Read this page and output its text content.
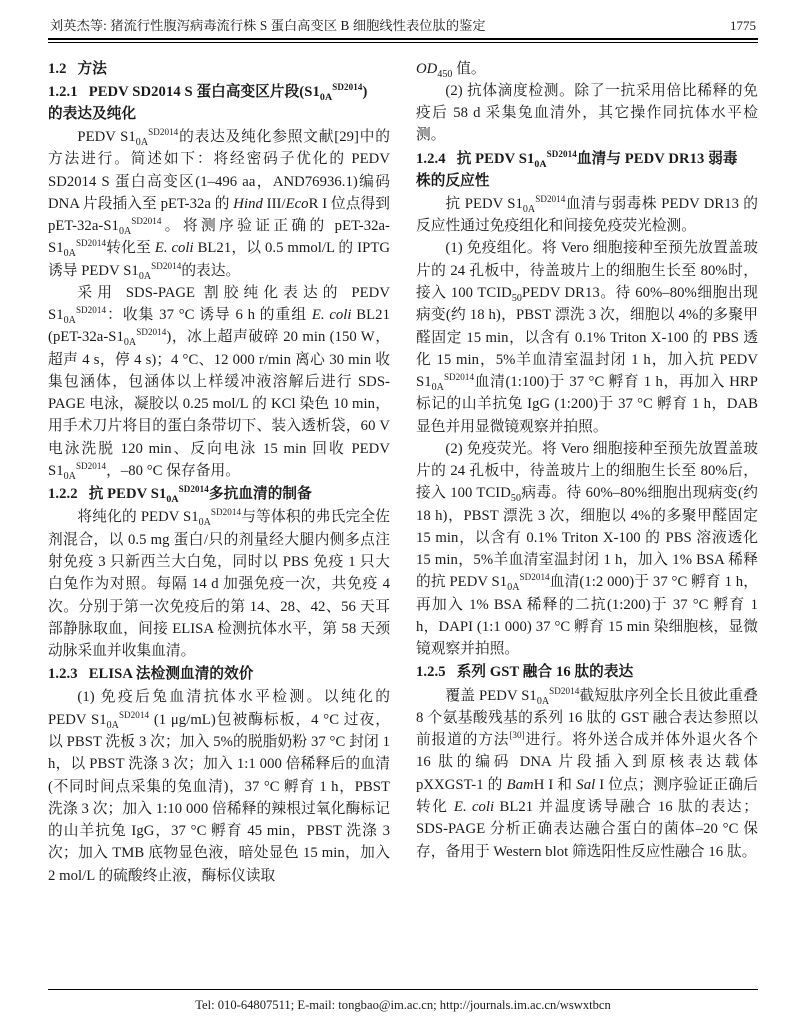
刘英杰等: 猪流行性腹泻病毒流行株 S 蛋白高变区 B 细胞线性表位肽的鉴定	1775
1.2 方法
1.2.1 PEDV SD2014 S 蛋白高变区片段$(S1_{0A}^{SD2014})$
的表达及纯化

PEDV $S1_{0A}^{SD2014}$的表达及纯化参照文献[29]中的方法进行。简述如下：将经密码子优化的 PEDV SD2014 S 蛋白高变区(1–496 aa，AND76936.1)编码 DNA 片段插入至 pET-32a 的 Hind III/EcoR I 位点得到 pET-$32a-S1_{0A}^{SD2014}$。将测序验证正确的 pET-$32a-S1_{0A}^{SD2014}$转化至 E. coli BL21，以 0.5 mmol/L 的 IPTG 诱导 PEDV $S1_{0A}^{SD2014}$的表达。

采用 SDS-PAGE 割胶纯化表达的 PEDV $S1_{0A}^{SD2014}$：收集 37 °C 诱导 6 h 的重组 E. coli BL21 $(pET-32a-S1_{0A}^{SD2014})$，冰上超声破碎 20 min (150 W，超声 4 s，停 4 s)；4 °C、12 000 r/min 离心 30 min 收集包涵体，包涵体以上样缓冲液溶解后进行 SDS-PAGE 电泳，凝胶以 0.25 mol/L 的 KCl 染色 10 min，用手术刀片将目的蛋白条带切下、装入透析袋，60 V 电泳洗脱 120 min、反向电泳 15 min 回收 PEDV $S1_{0A}^{SD2014}$，–80 °C 保存备用。

1.2.2 抗 PEDV $S1_{0A}^{SD2014}$多抗血清的制备

将纯化的 PEDV $S1_{0A}^{SD2014}$与等体积的弗氏完全佐剂混合，以 0.5 mg 蛋白/只的剂量经大腿内侧多点注射免疫 3 只新西兰大白兔，同时以 PBS 免疫 1 只大白兔作为对照。每隔 14 d 加强免疫一次，共免疫 4 次。分别于第一次免疫后的第 14、28、42、56 天耳部静脉取血，间接 ELISA 检测抗体水平，第 58 天颈动脉采血并收集血清。

1.2.3 ELISA 法检测血清的效价

(1) 免疫后兔血清抗体水平检测。以纯化的 PEDV $S1_{0A}^{SD2014}$ (1 μg/mL)包被酶标板，4 °C 过夜，以 PBST 洗板 3 次；加入 5%的脱脂奶粉 37 °C 封闭 1 h，以 PBST 洗涤 3 次；加入 1:1 000 倍稀释后的血清(不同时间点采集的兔血清)，37 °C 孵育 1 h，PBST 洗涤 3 次；加入 1:10 000 倍稀释的辣根过氧化酶标记的山羊抗兔 IgG，37 °C 孵育 45 min，PBST 洗涤 3 次；加入 TMB 底物显色液，暗处显色 15 min，加入 2 mol/L 的硫酸终止液，酶标仪读取

$OD_{450}$ 值。

(2) 抗体滴度检测。除了一抗采用倍比稀释的免疫后 58 d 采集兔血清外，其它操作同抗体水平检测。

1.2.4 抗 PEDV $S1_{0A}^{SD2014}$血清与 PEDV DR13 弱毒
株的反应性

抗 PEDV $S1_{0A}^{SD2014}$血清与弱毒株 PEDV DR13 的反应性通过免疫组化和间接免疫荧光检测。

(1) 免疫组化。将 Vero 细胞接种至预先放置盖玻片的 24 孔板中，待盖玻片上的细胞生长至 80%时，接入 100 $TCID_{50}PEDV$ DR13。待 60%–80%细胞出现病变(约 18 h)，PBST 漂洗 3 次，细胞以 4%的多聚甲醛固定 15 min，以含有 0.1% Triton X-100 的 PBS 透化 15 min，5%羊血清室温封闭 1 h，加入抗 PEDV $S1_{0A}^{SD2014}$血清(1:100)于 37 °C 孵育 1 h，再加入 HRP 标记的山羊抗兔 IgG (1:200)于 37 °C 孵育 1 h，DAB 显色并用显微镜观察并拍照。

(2) 免疫荧光。将 Vero 细胞接种至预先放置盖玻片的 24 孔板中，待盖玻片上的细胞生长至 80%后，接入 100 $TCID_{50}$病毒。待 60%–80%细胞出现病变(约 18 h)，PBST 漂洗 3 次，细胞以 4%的多聚甲醛固定 15 min，以含有 0.1% Triton X-100 的 PBS 溶液透化 15 min，5%羊血清室温封闭 1 h，加入 1% BSA 稀释的抗 PEDV $S1_{0A}^{SD2014}$血清(1:2 000)于 37 °C 孵育 1 h，再加入 1% BSA 稀释的二抗(1:200)于 37 °C 孵育 1 h，DAPI (1:1 000) 37 °C 孵育 15 min 染细胞核，显微镜观察并拍照。

1.2.5 系列 GST 融合 16 肽的表达

覆盖 PEDV $S1_{0A}^{SD2014}$截短肽序列全长且彼此重叠 8 个氨基酸残基的系列 16 肽的 GST 融合表达参照以前报道的方法[30]进行。将外送合成并体外退火各个 16 肽的编码 DNA 片段插入到原核表达载体 pXXGST-1 的 BamH I 和 Sal I 位点；测序验证正确后转化 E. coli BL21 并温度诱导融合 16 肽的表达；SDS-PAGE 分析正确表达融合蛋白的菌体–20 °C 保存，备用于 Western blot 筛选阳性反应性融合 16 肽。

Tel: 010-64807511; E-mail: tongbao@im.ac.cn; http://journals.im.ac.cn/wswxtbcn
